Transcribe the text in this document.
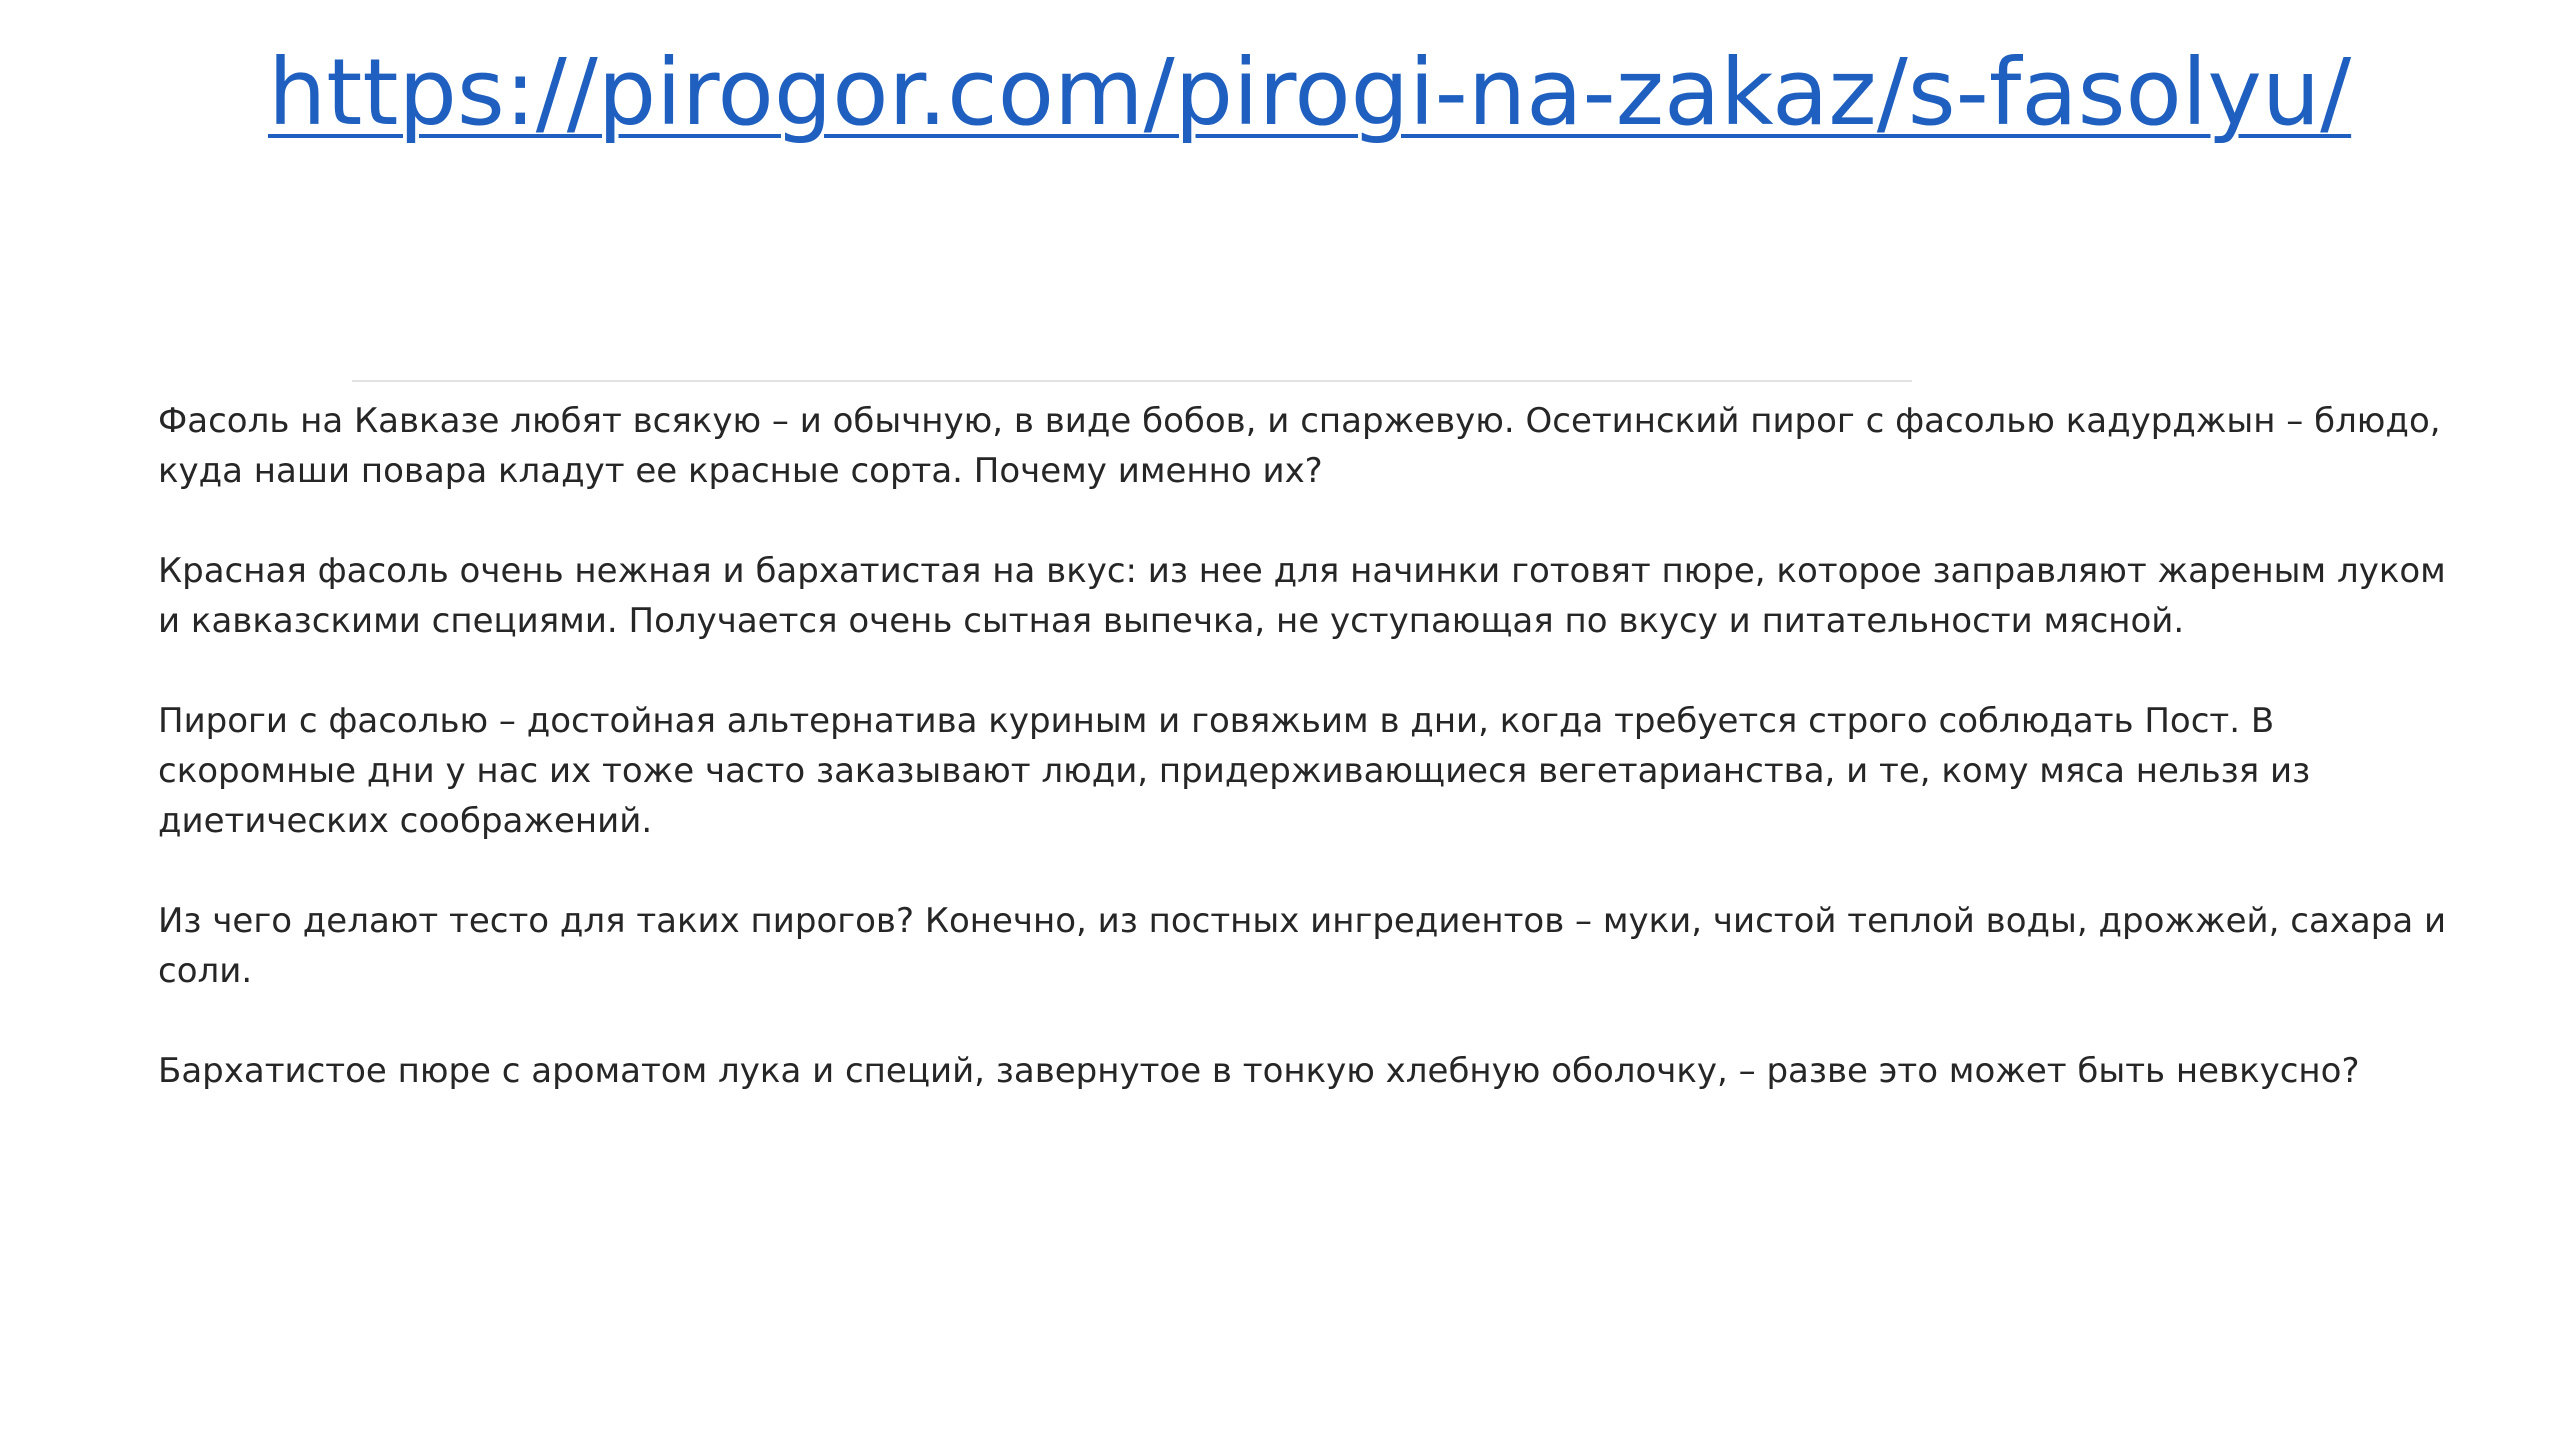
https://pirogor.com/pirogi-na-zakaz/s-fasolyu/

Фасоль на Кавказе любят всякую – и обычную, в виде бобов, и спаржевую. Осетинский пирог с фасолью кадурджын – блюдо, куда наши повара кладут ее красные сорта. Почему именно их?

Красная фасоль очень нежная и бархатистая на вкус: из нее для начинки готовят пюре, которое заправляют жареным луком и кавказскими специями. Получается очень сытная выпечка, не уступающая по вкусу и питательности мясной.

Пироги с фасолью – достойная альтернатива куриным и говяжьим в дни, когда требуется строго соблюдать Пост. В скоромные дни у нас их тоже часто заказывают люди, придерживающиеся вегетарианства, и те, кому мяса нельзя из диетических соображений.

Из чего делают тесто для таких пирогов? Конечно, из постных ингредиентов – муки, чистой теплой воды, дрожжей, сахара и соли.

Бархатистое пюре с ароматом лука и специй, завернутое в тонкую хлебную оболочку, – разве это может быть невкусно?
